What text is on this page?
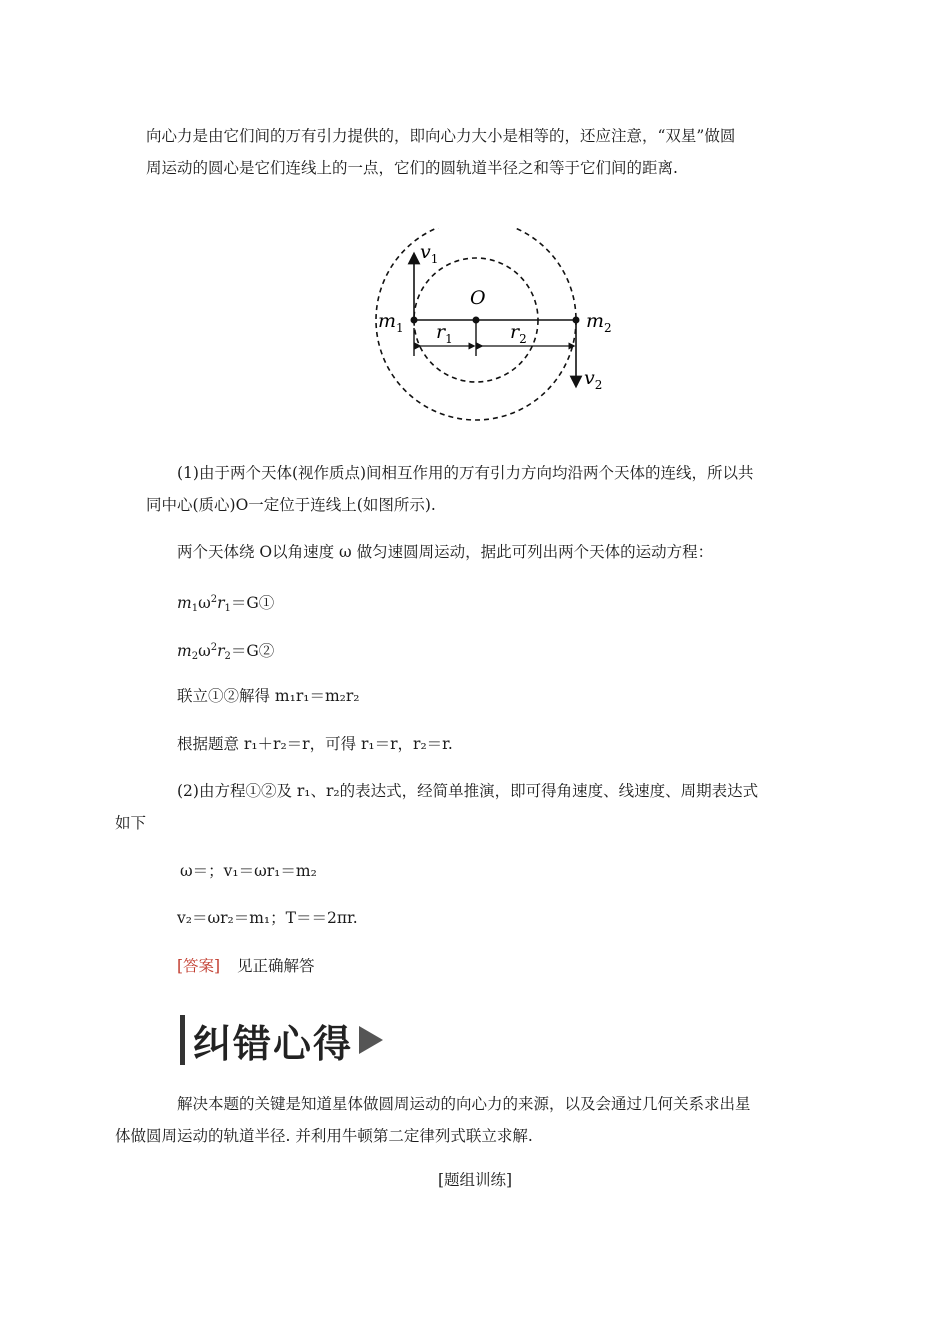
向心力是由它们间的万有引力提供的，即向心力大小是相等的，还应注意，“双星”做圆
周运动的圆心是它们连线上的一点，它们的圆轨道半径之和等于它们间的距离.
$v_1$
O
$m_1$	$m_2$
$r_1$	$r_2$
$v_2$
(1)由于两个天体(视作质点)间相互作用的万有引力方向均沿两个天体的连线，所以共
同中心(质心)O一定位于连线上(如图所示).
两个天体绕 O以角速度 ω 做匀速圆周运动，据此可列出两个天体的运动方程：
$m_1\omega^2r_1=G①$
$m_2\omega^2r_2=G②$
联立①②解得 m₁r₁＝m₂r₂
根据题意 r₁＋r₂＝r，可得 r₁＝r，r₂＝r.
(2)由方程①②及 r₁、r₂的表达式，经简单推演，即可得角速度、线速度、周期表达式
如下
ω＝；v₁＝ωr₁＝m₂
v₂＝ωr₂＝m₁；T＝＝2πr.
[答案] 见正确解答
纠错心得
解决本题的关键是知道星体做圆周运动的向心力的来源，以及会通过几何关系求出星
体做圆周运动的轨道半径. 并利用牛顿第二定律列式联立求解.
[题组训练]
